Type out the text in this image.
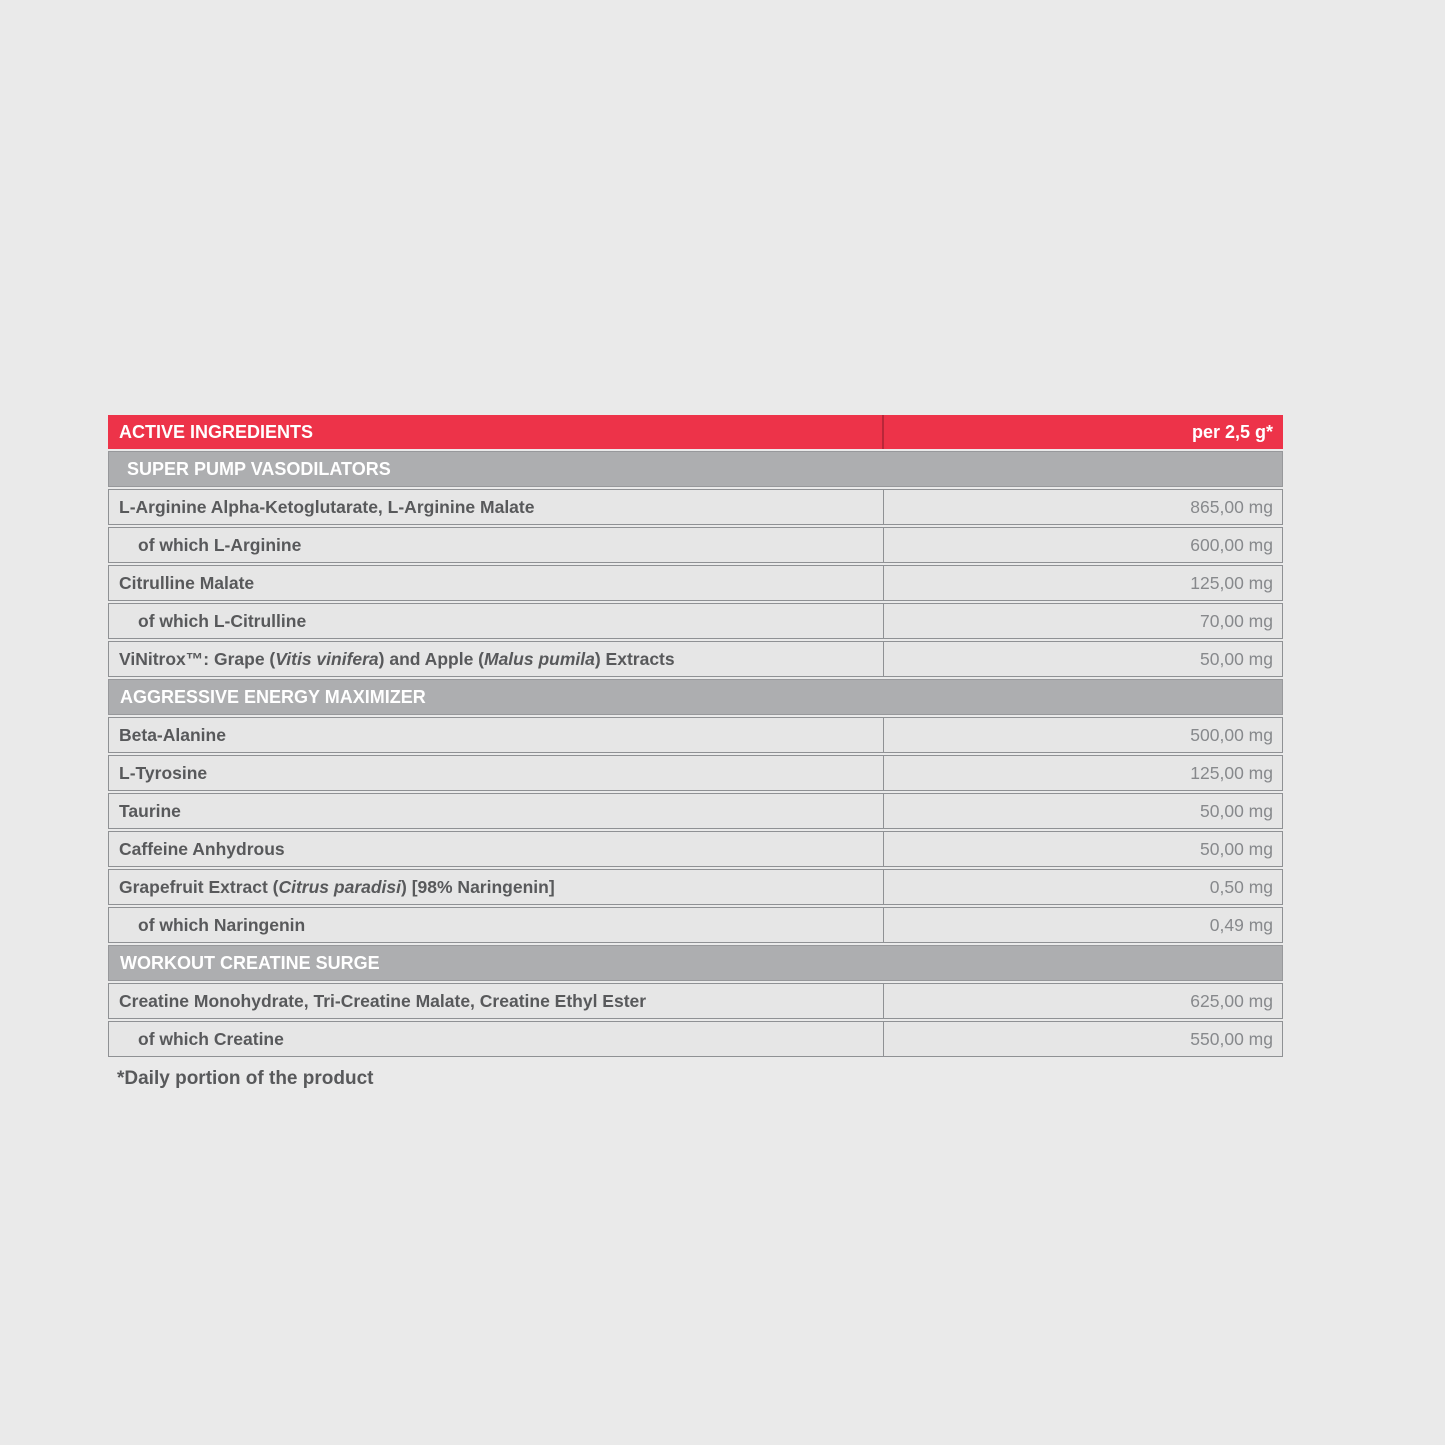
ACTIVE INGREDIENTS	per 2,5 g*
SUPER PUMP VASODILATORS
L-Arginine Alpha-Ketoglutarate, L-Arginine Malate	865,00 mg
of which L-Arginine	600,00 mg
Citrulline Malate	125,00 mg
of which L-Citrulline	70,00 mg
ViNitrox™: Grape ( Vitis vinifera ) and Apple ( Malus pumila ) Extracts	50,00 mg
AGGRESSIVE ENERGY MAXIMIZER
Beta-Alanine	500,00 mg
L-Tyrosine	125,00 mg
Taurine	50,00 mg
Caffeine Anhydrous	50,00 mg
Grapefruit Extract ( Citrus paradisi ) [98% Naringenin]	0,50 mg
of which Naringenin	0,49 mg
WORKOUT CREATINE SURGE
Creatine Monohydrate, Tri-Creatine Malate, Creatine Ethyl Ester	625,00 mg
of which Creatine	550,00 mg
*Daily portion of the product
